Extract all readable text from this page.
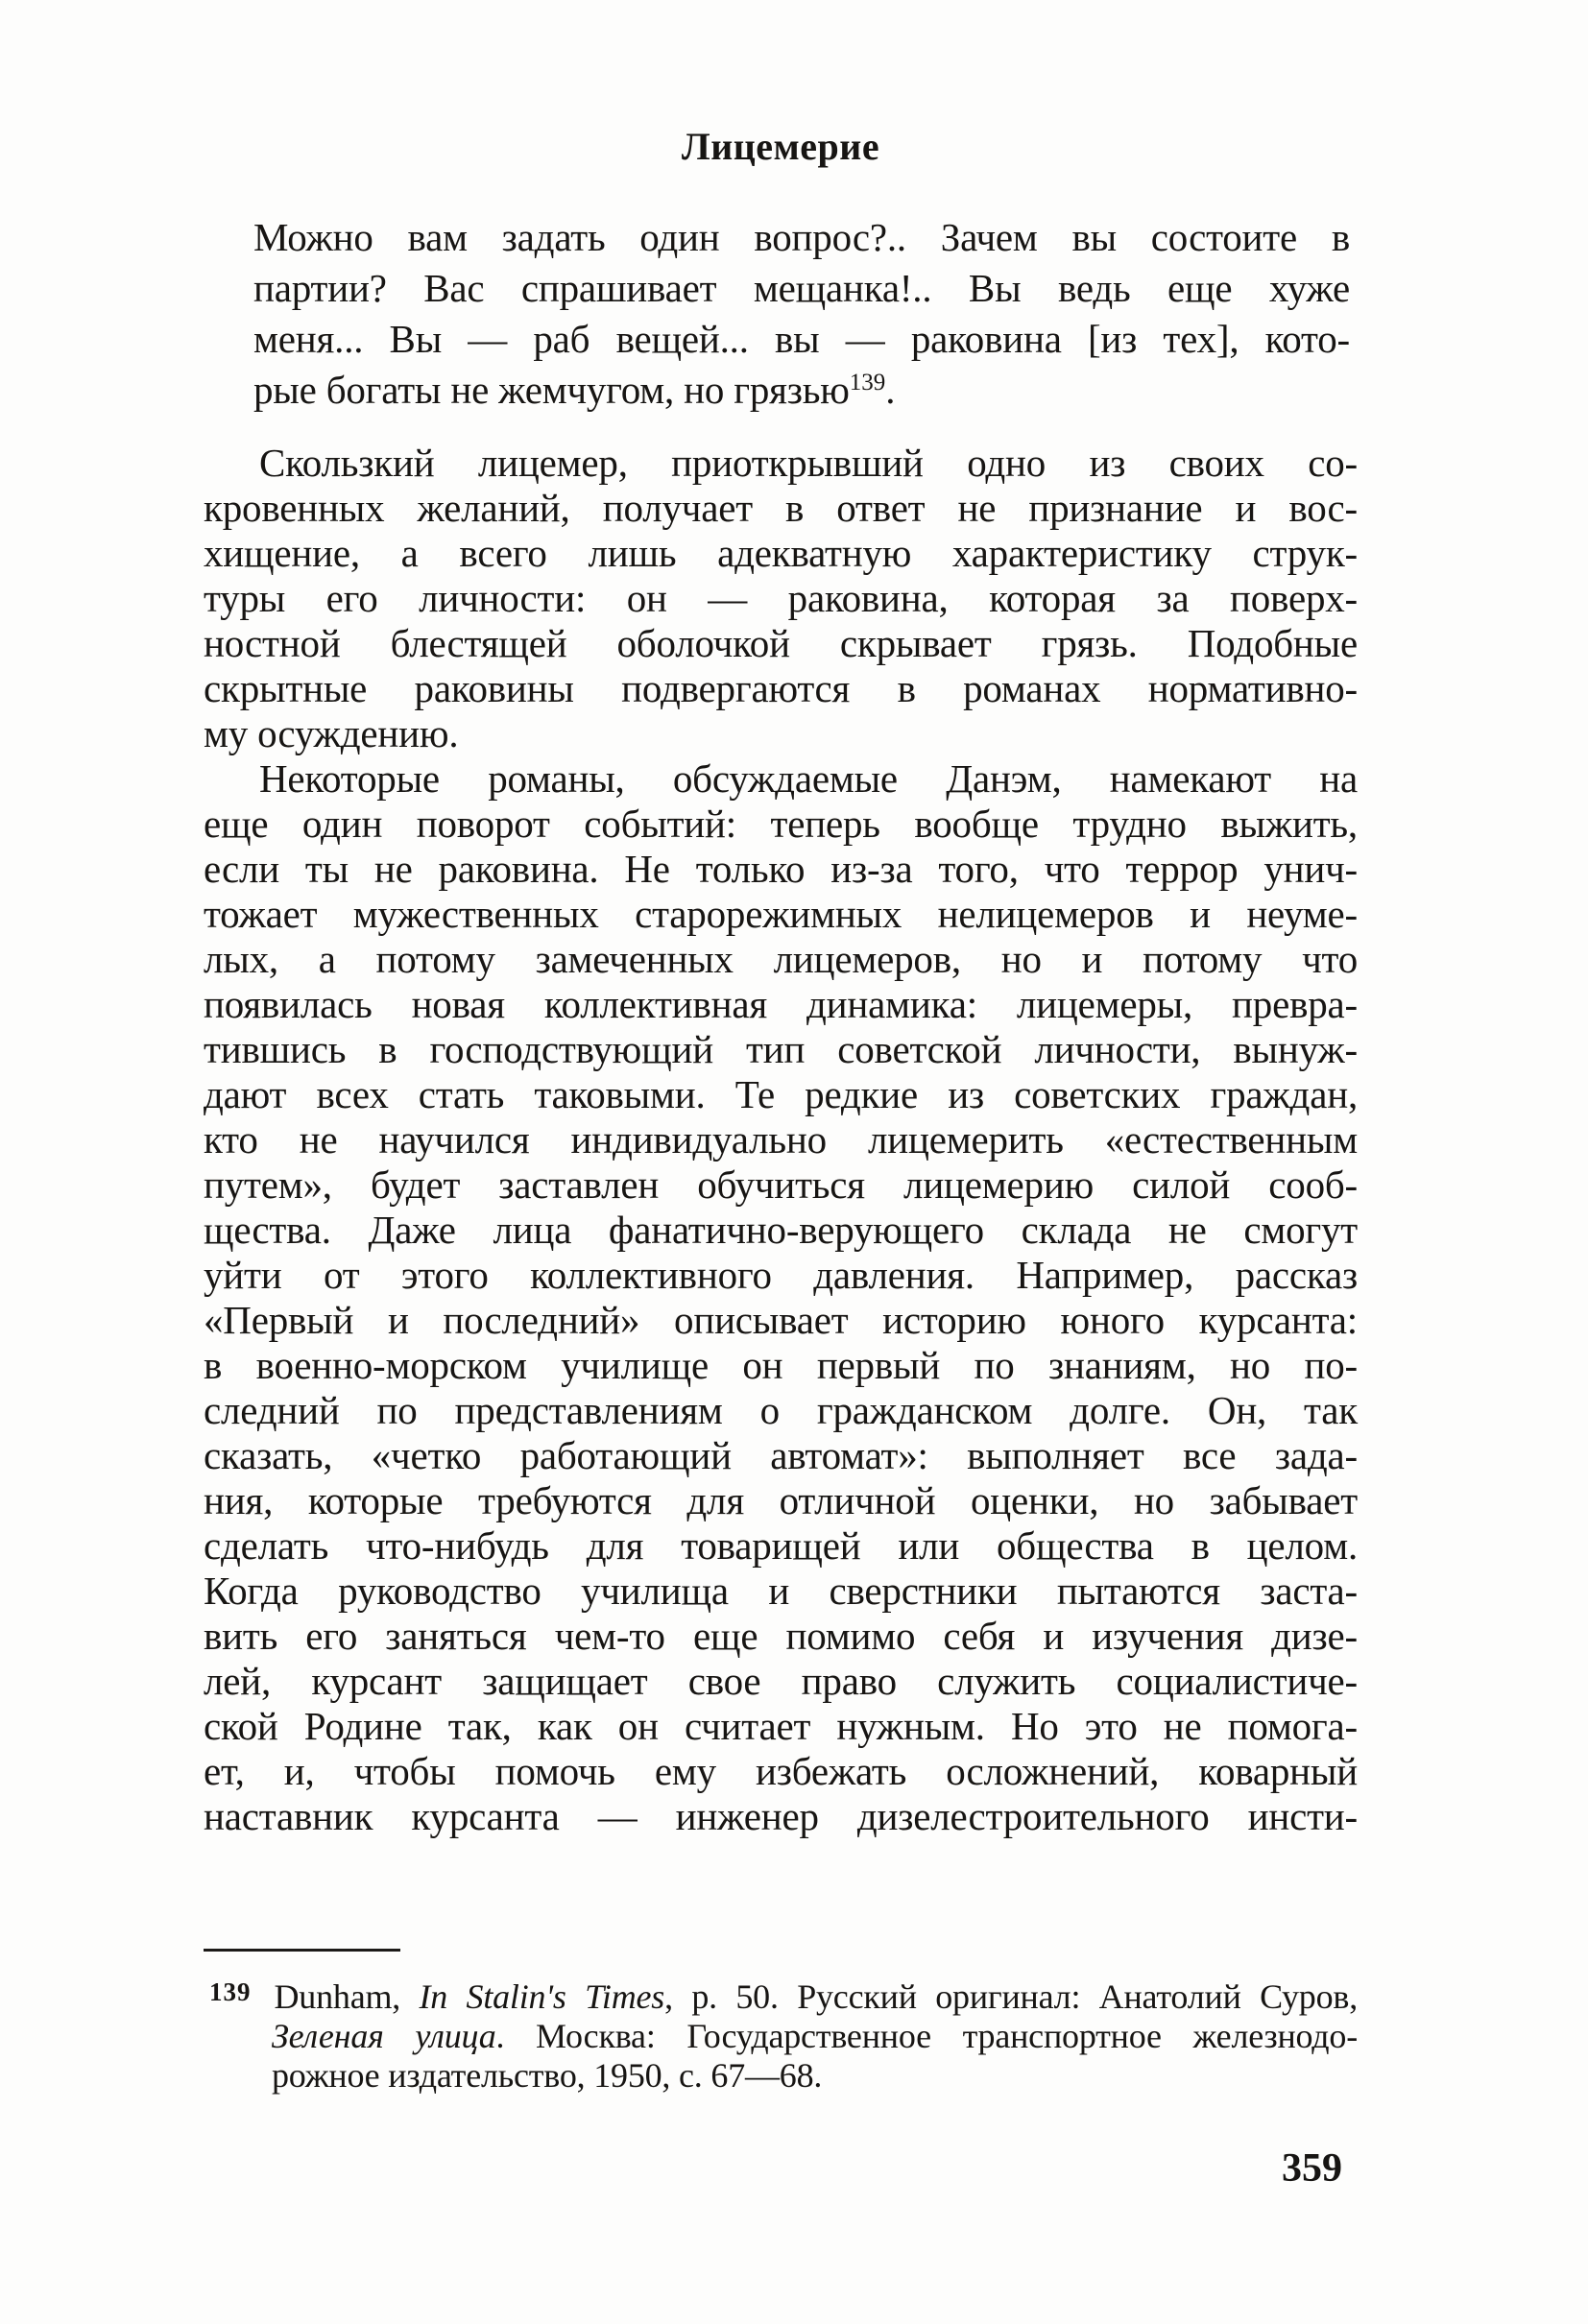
Лицемерие
Можно вам задать один вопрос?.. Зачем вы состоите в
партии? Вас спрашивает мещанка!.. Вы ведь еще хуже
меня... Вы — раб вещей... вы — раковина [из тех], кото-
рые богаты не жемчугом, но грязью$^{139}$.
Скользкий лицемер, приоткрывший одно из своих со-
кровенных желаний, получает в ответ не признание и вос-
хищение, а всего лишь адекватную характеристику струк-
туры его личности: он — раковина, которая за поверх-
ностной блестящей оболочкой скрывает грязь. Подобные
скрытные раковины подвергаются в романах нормативно-
му осуждению.
Некоторые романы, обсуждаемые Данэм, намекают на
еще один поворот событий: теперь вообще трудно выжить,
если ты не раковина. Не только из-за того, что террор унич-
тожает мужественных старорежимных нелицемеров и неуме-
лых, а потому замеченных лицемеров, но и потому что
появилась новая коллективная динамика: лицемеры, превра-
тившись в господствующий тип советской личности, вынуж-
дают всех стать таковыми. Те редкие из советских граждан,
кто не научился индивидуально лицемерить «естественным
путем», будет заставлен обучиться лицемерию силой сооб-
щества. Даже лица фанатично-верующего склада не смогут
уйти от этого коллективного давления. Например, рассказ
«Первый и последний» описывает историю юного курсанта:
в военно-морском училище он первый по знаниям, но по-
следний по представлениям о гражданском долге. Он, так
сказать, «четко работающий автомат»: выполняет все зада-
ния, которые требуются для отличной оценки, но забывает
сделать что-нибудь для товарищей или общества в целом.
Когда руководство училища и сверстники пытаются заста-
вить его заняться чем-то еще помимо себя и изучения дизе-
лей, курсант защищает свое право служить социалистиче-
ской Родине так, как он считает нужным. Но это не помога-
ет, и, чтобы помочь ему избежать осложнений, коварный
наставник курсанта — инженер дизелестроительного инсти-
$^{139}$ Dunham, In Stalin's Times, p. 50. Русский оригинал: Анатолий Суров,
Зеленая улица. Москва: Государственное транспортное железнодо-
рожное издательство, 1950, с. 67—68.
359
